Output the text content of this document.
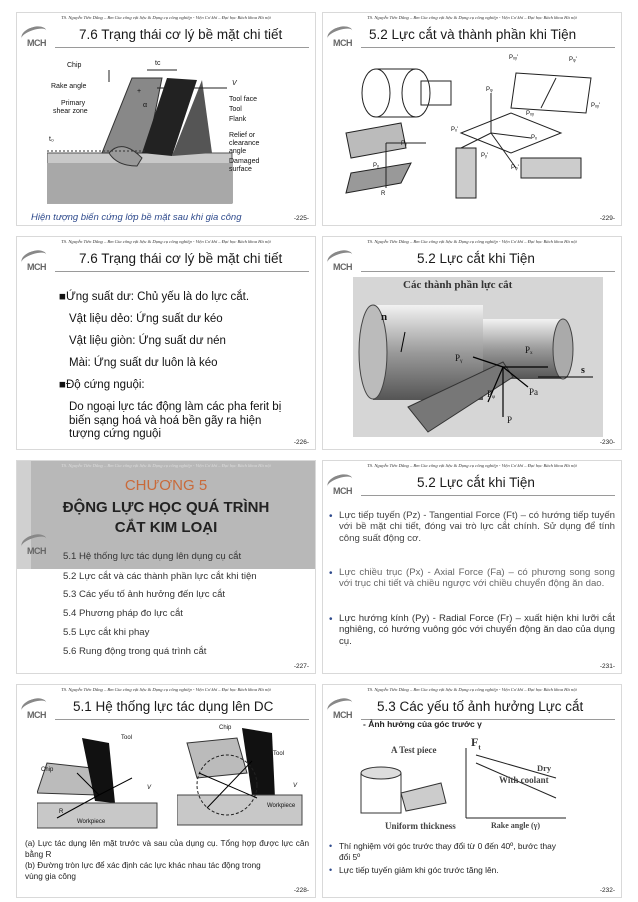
TS. Nguyễn Tiến Dũng – Bm Gia công vật liệu & Dụng cụ công nghiệp - Viện Cơ khí – Đại học Bách khoa Hà nội
MCH
7.6 Trạng thái cơ lý bề mặt chi tiết
Chip
Rake angle
Primary
shear zone
t₀
tᴄ
V
+
α
Tool face
Tool
Flank
Relief or
clearance
angle
Damaged
surface
Hiện tượng biến cứng lớp bề mặt sau khi gia công	-225-
TS. Nguyễn Tiến Dũng – Bm Gia công vật liệu & Dụng cụ công nghiệp - Viện Cơ khí – Đại học Bách khoa Hà nội
MCH
5.2 Lực cắt và thành phần khi Tiện
Pₓᵧ'	Pᵩ'
Pₓ
Pᵧ
R
Pᵩ
Pₓᵧ
Pₓᵧ'
Pₓ'
Pₓ
Pᵧ'
Pᵩ'
-229-
TS. Nguyễn Tiến Dũng – Bm Gia công vật liệu & Dụng cụ công nghiệp - Viện Cơ khí – Đại học Bách khoa Hà nội
MCH
7.6 Trạng thái cơ lý bề mặt chi tiết
■Ứng suất dư: Chủ yếu là do lực cắt.
Vật liệu dẻo: Ứng suất dư kéo
Vật liệu giòn: Ứng suất dư nén
Mài: Ứng suất dư luôn là kéo
■Độ cứng nguội:
Do ngoại lực tác động làm các pha ferit bị biến sạng hoá và hoá bền gãy ra hiện tượng cứng nguội
-226-
TS. Nguyễn Tiến Dũng – Bm Gia công vật liệu & Dụng cụ công nghiệp - Viện Cơ khí – Đại học Bách khoa Hà nội
MCH
5.2 Lực cắt khi Tiện
Các thành phần lực cắt
n
Pᵧ
Pₓ
s
Pᵩ	Pa
P
-230-
TS. Nguyễn Tiến Dũng – Bm Gia công vật liệu & Dụng cụ công nghiệp - Viện Cơ khí – Đại học Bách khoa Hà nội
MCH
CHƯƠNG 5
ĐỘNG LỰC HỌC QUÁ TRÌNH
CẮT KIM LOẠI
5.1 Hệ thống lực tác dụng lên dụng cụ cắt
5.2 Lực cắt và các thành phần lực cắt khi tiện
5.3 Các yếu tố ảnh hưởng đến lực cắt
5.4 Phương pháp đo lực cắt
5.5 Lực cắt khi phay
5.6 Rung động trong quá trình cắt
-227-
TS. Nguyễn Tiến Dũng – Bm Gia công vật liệu & Dụng cụ công nghiệp - Viện Cơ khí – Đại học Bách khoa Hà nội
MCH
5.2 Lực cắt khi Tiện
• Lực tiếp tuyến (Pz) - Tangential Force (Ft) – có hướng tiếp tuyến với bề mặt chi tiết, đóng vai trò lực cắt chính. Sử dụng để tính công suất động cơ.
• Lực chiều trục (Px) - Axial Force (Fa) – có phương song song với trục chi tiết và chiều ngược với chiều chuyển động ăn dao.
• Lực hướng kính (Py) - Radial Force (Fr) – xuất hiện khi lưỡi cắt nghiêng, có hướng vuông góc với chuyển động ăn dao của dụng cụ.
-231-
TS. Nguyễn Tiến Dũng – Bm Gia công vật liệu & Dụng cụ công nghiệp - Viện Cơ khí – Đại học Bách khoa Hà nội
MCH
5.1 Hệ thống lực tác dụng lên DC
Tool
Chip
Workpiece
V
R
Chip
Tool
Workpiece
V
(a) Lực tác dụng lên mặt trước và sau của dụng cụ. Tổng hợp được lực cân bằng R
(b) Đường tròn lực để xác định các lực khác nhau tác động trong vùng gia công
-228-
TS. Nguyễn Tiến Dũng – Bm Gia công vật liệu & Dụng cụ công nghiệp - Viện Cơ khí – Đại học Bách khoa Hà nội
MCH
5.3 Các yếu tố ảnh hưởng Lực cắt
- Ảnh hưởng của góc trước γ
$F_t$
A Test piece
Dry
With coolant
Rake angle (γ)
Uniform thickness
• Thí nghiệm với góc trước thay đổi từ 0 đến 40º, bước thay đổi 5º
• Lực tiếp tuyến giảm khi góc trước tăng lên.
-232-
